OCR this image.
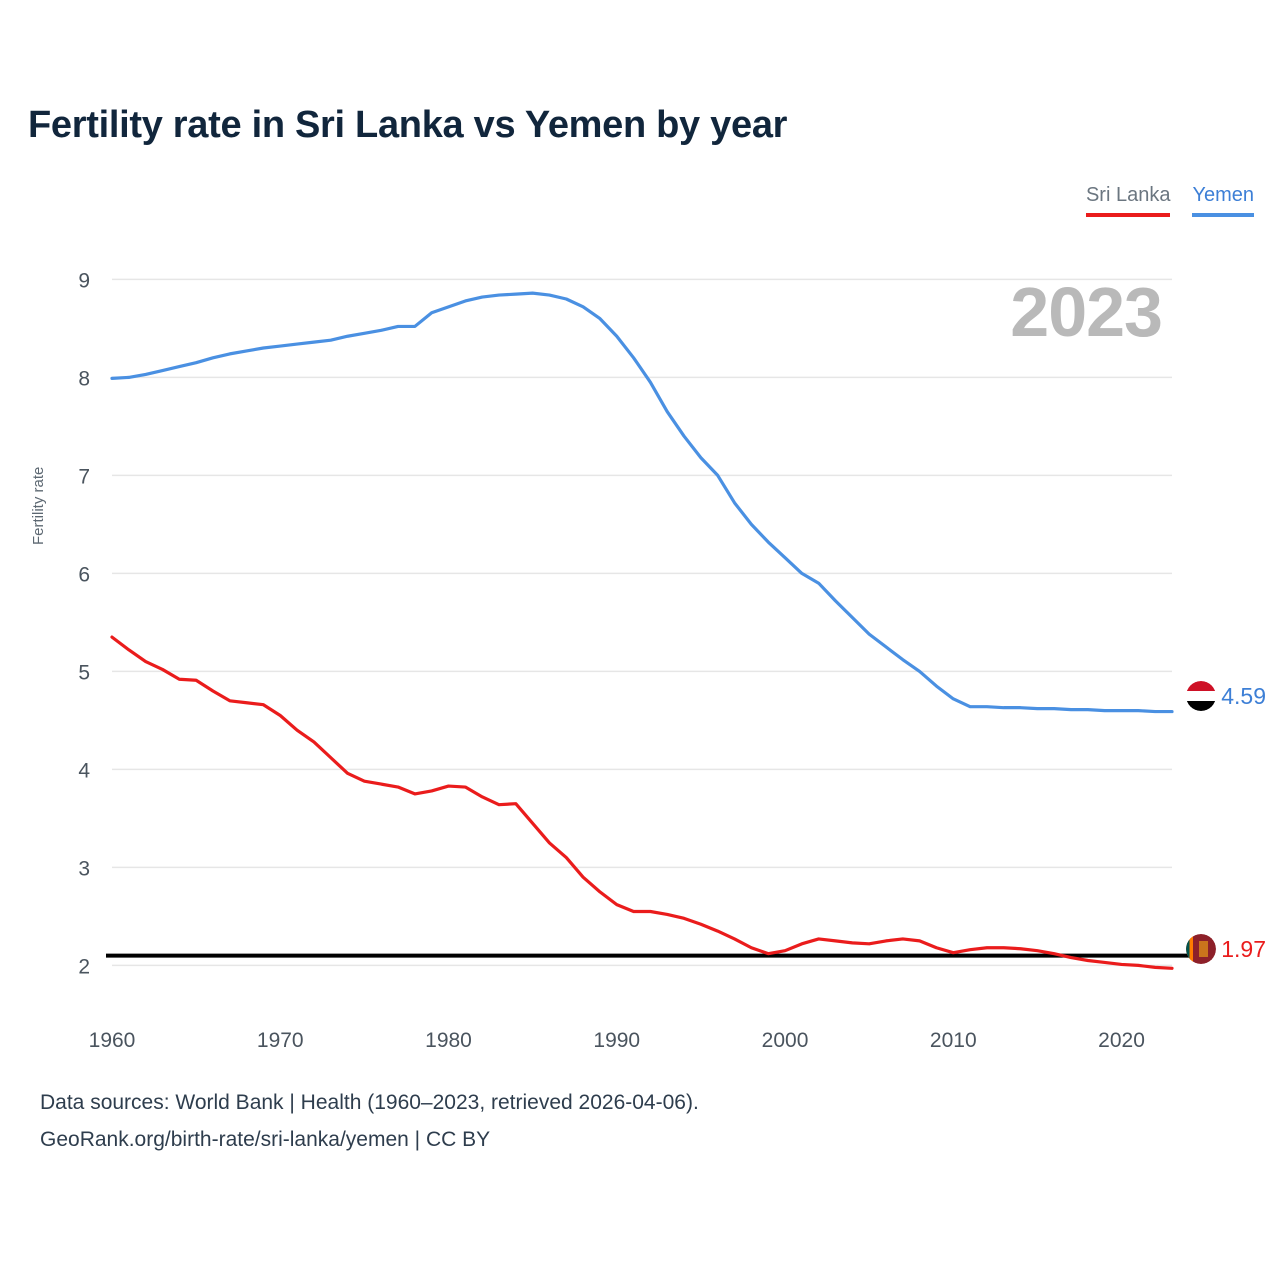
Fertility rate in Sri Lanka vs Yemen by year
Sri Lanka Yemen
Fertility rate
2023
2
3
4
5
6
7
8
9
1960	1970	1980	1990	2000	2010	2020
4.59
1.97
Data sources: World Bank | Health (1960–2023, retrieved 2026-04-06).
GeoRank.org/birth-rate/sri-lanka/yemen | CC BY
